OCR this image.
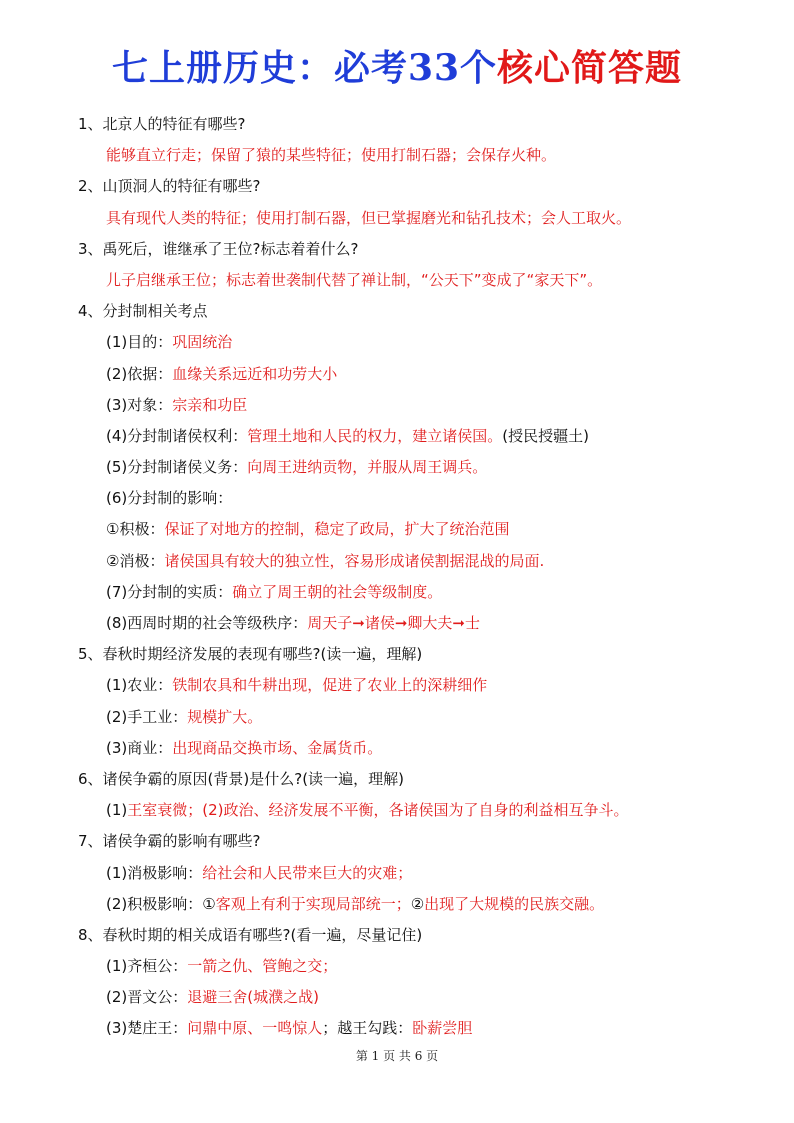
七上册历史：必考33个核心简答题
1、北京人的特征有哪些?
能够直立行走；保留了猿的某些特征；使用打制石器；会保存火种。
2、山顶洞人的特征有哪些?
具有现代人类的特征；使用打制石器，但已掌握磨光和钻孔技术；会人工取火。
3、禹死后，谁继承了王位?标志着着什么?
儿子启继承王位；标志着世袭制代替了禅让制，“公天下”变成了“家天下”。
4、分封制相关考点
(1)目的：巩固统治
(2)依据：血缘关系远近和功劳大小
(3)对象：宗亲和功臣
(4)分封制诸侯权利：管理土地和人民的权力，建立诸侯国。(授民授疆土)
(5)分封制诸侯义务：向周王进纳贡物，并服从周王调兵。
(6)分封制的影响：
①积极：保证了对地方的控制，稳定了政局，扩大了统治范围
②消极：诸侯国具有较大的独立性，容易形成诸侯割据混战的局面.
(7)分封制的实质：确立了周王朝的社会等级制度。
(8)西周时期的社会等级秩序：周天子➞诸侯➞卿大夫➞士
5、春秋时期经济发展的表现有哪些?(读一遍，理解)
(1)农业：铁制农具和牛耕出现，促进了农业上的深耕细作
(2)手工业：规模扩大。
(3)商业：出现商品交换市场、金属货币。
6、诸侯争霸的原因(背景)是什么?(读一遍，理解)
(1)王室衰微；(2)政治、经济发展不平衡，各诸侯国为了自身的利益相互争斗。
7、诸侯争霸的影响有哪些?
(1)消极影响：给社会和人民带来巨大的灾难；
(2)积极影响：①客观上有利于实现局部统一；②出现了大规模的民族交融。
8、春秋时期的相关成语有哪些?(看一遍，尽量记住)
(1)齐桓公：一箭之仇、管鲍之交；
(2)晋文公：退避三舍(城濮之战)
(3)楚庄王：问鼎中原、一鸣惊人；越王勾践：卧薪尝胆
第 1 页 共 6 页
